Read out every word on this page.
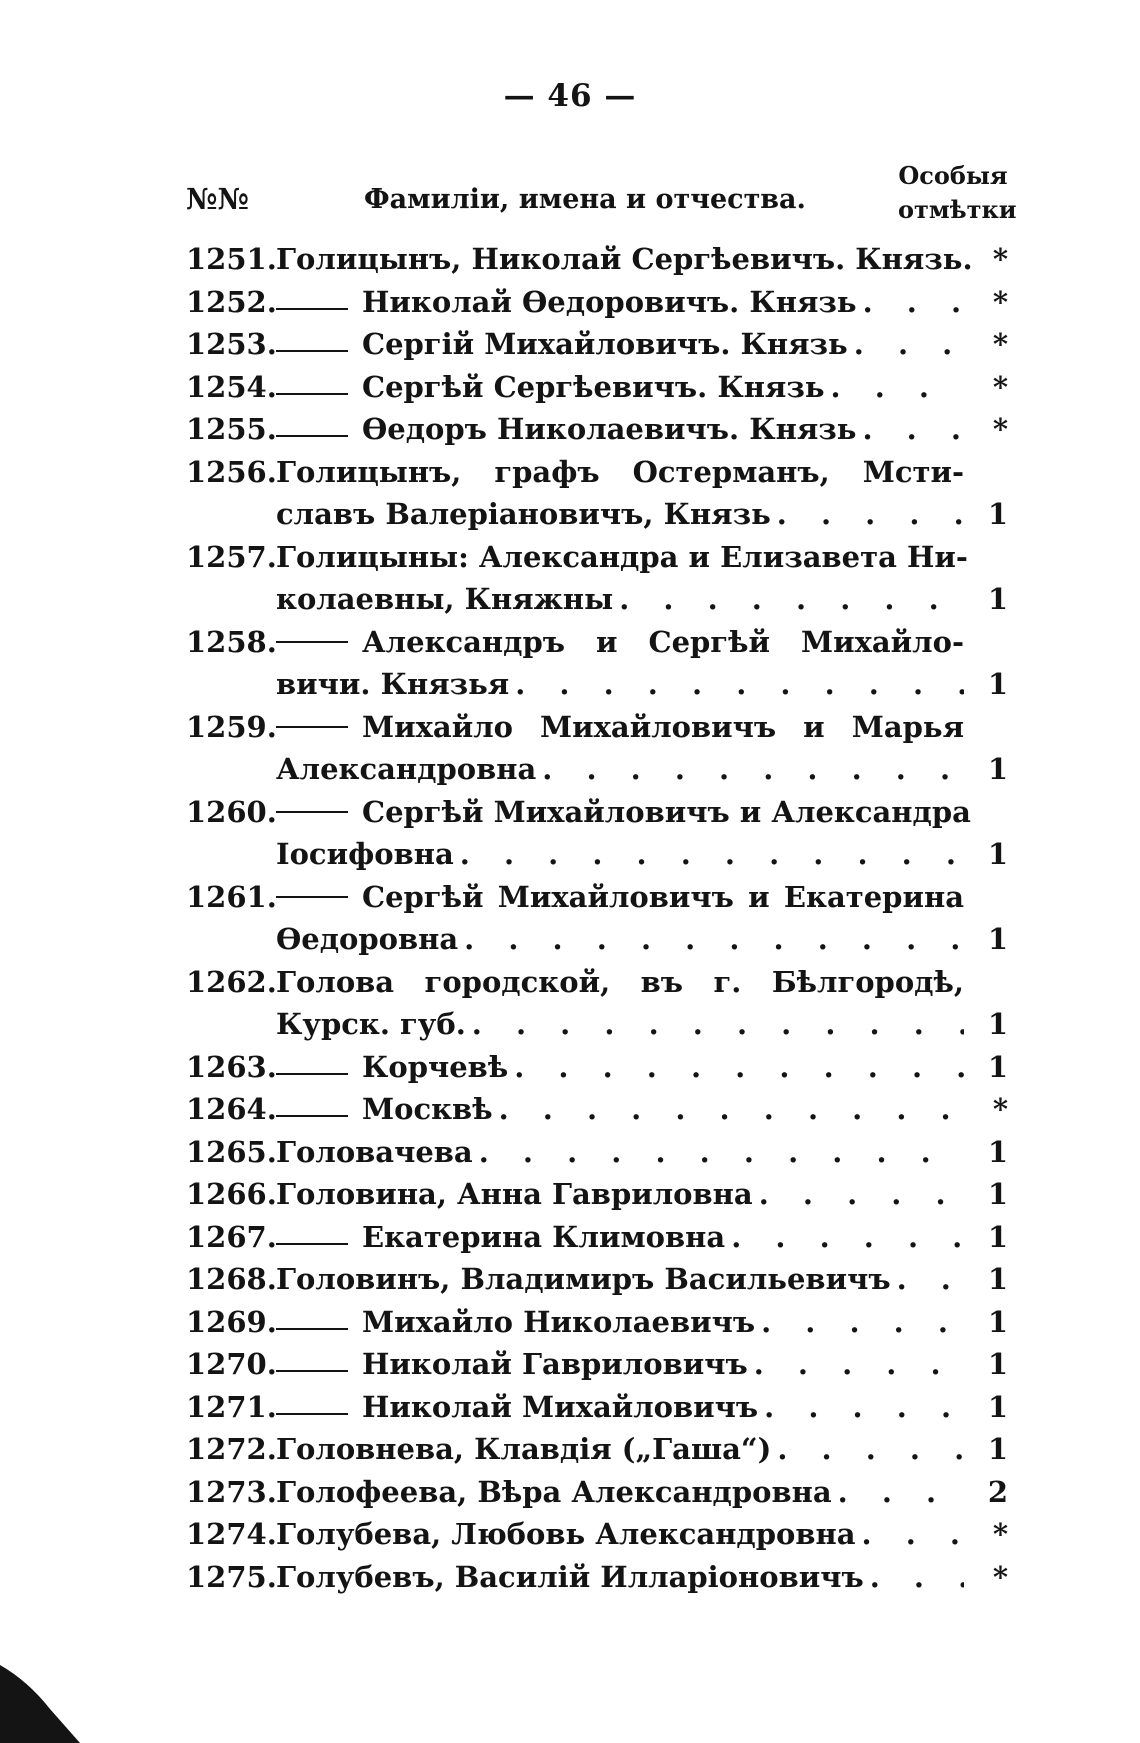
— 46 —
№№	Фамиліи, имена и отчества.
Особыя
отмѣтки
1251. Голицынъ, Николай Сергѣевичъ. Князь. *
1252.	Николай Ѳедоровичъ. Князь . . .	*
1253.	Сергій Михайловичъ. Князь . . .	*
1254.	Сергѣй Сергѣевичъ. Князь . . .	*
1255.	Ѳедоръ Николаевичъ. Князь . . .	*
1256. Голицынъ, графъ Остерманъ, Мсти-
славъ Валеріановичъ, Князь . . .	1
1257. Голицыны: Александра и Елизавета Ни-
колаевны, Княжны . . .	1
1258.	Александръ и Сергѣй Михайло-
вичи. Князья . . .	1
1259.	Михайло Михайловичъ и Марья
Александровна . . .	1
1260.	Сергѣй Михайловичъ и Александра
Іосифовна . . .	1
1261.	Сергѣй Михайловичъ и Екатерина
Ѳедоровна . . .	1
1262. Голова городской, въ г. Бѣлгородѣ,
Курск. губ. . . .	1
1263.	Корчевѣ . . .	1
1264.	Москвѣ . . .	*
1265. Головачева . . .	1
1266. Головина, Анна Гавриловна . . .	1
1267.	Екатерина Климовна . . .	1
1268. Головинъ, Владимиръ Васильевичъ . . .	1
1269.	Михайло Николаевичъ . . .	1
1270.	Николай Гавриловичъ . . .	1
1271.	Николай Михайловичъ . . .	1
1272. Головнева, Клавдія („Гаша“) . . .	1
1273. Голофеева, Вѣра Александровна . . .	2
1274. Голубева, Любовь Александровна . . .	*
1275. Голубевъ, Василій Илларіоновичъ . . .	*
